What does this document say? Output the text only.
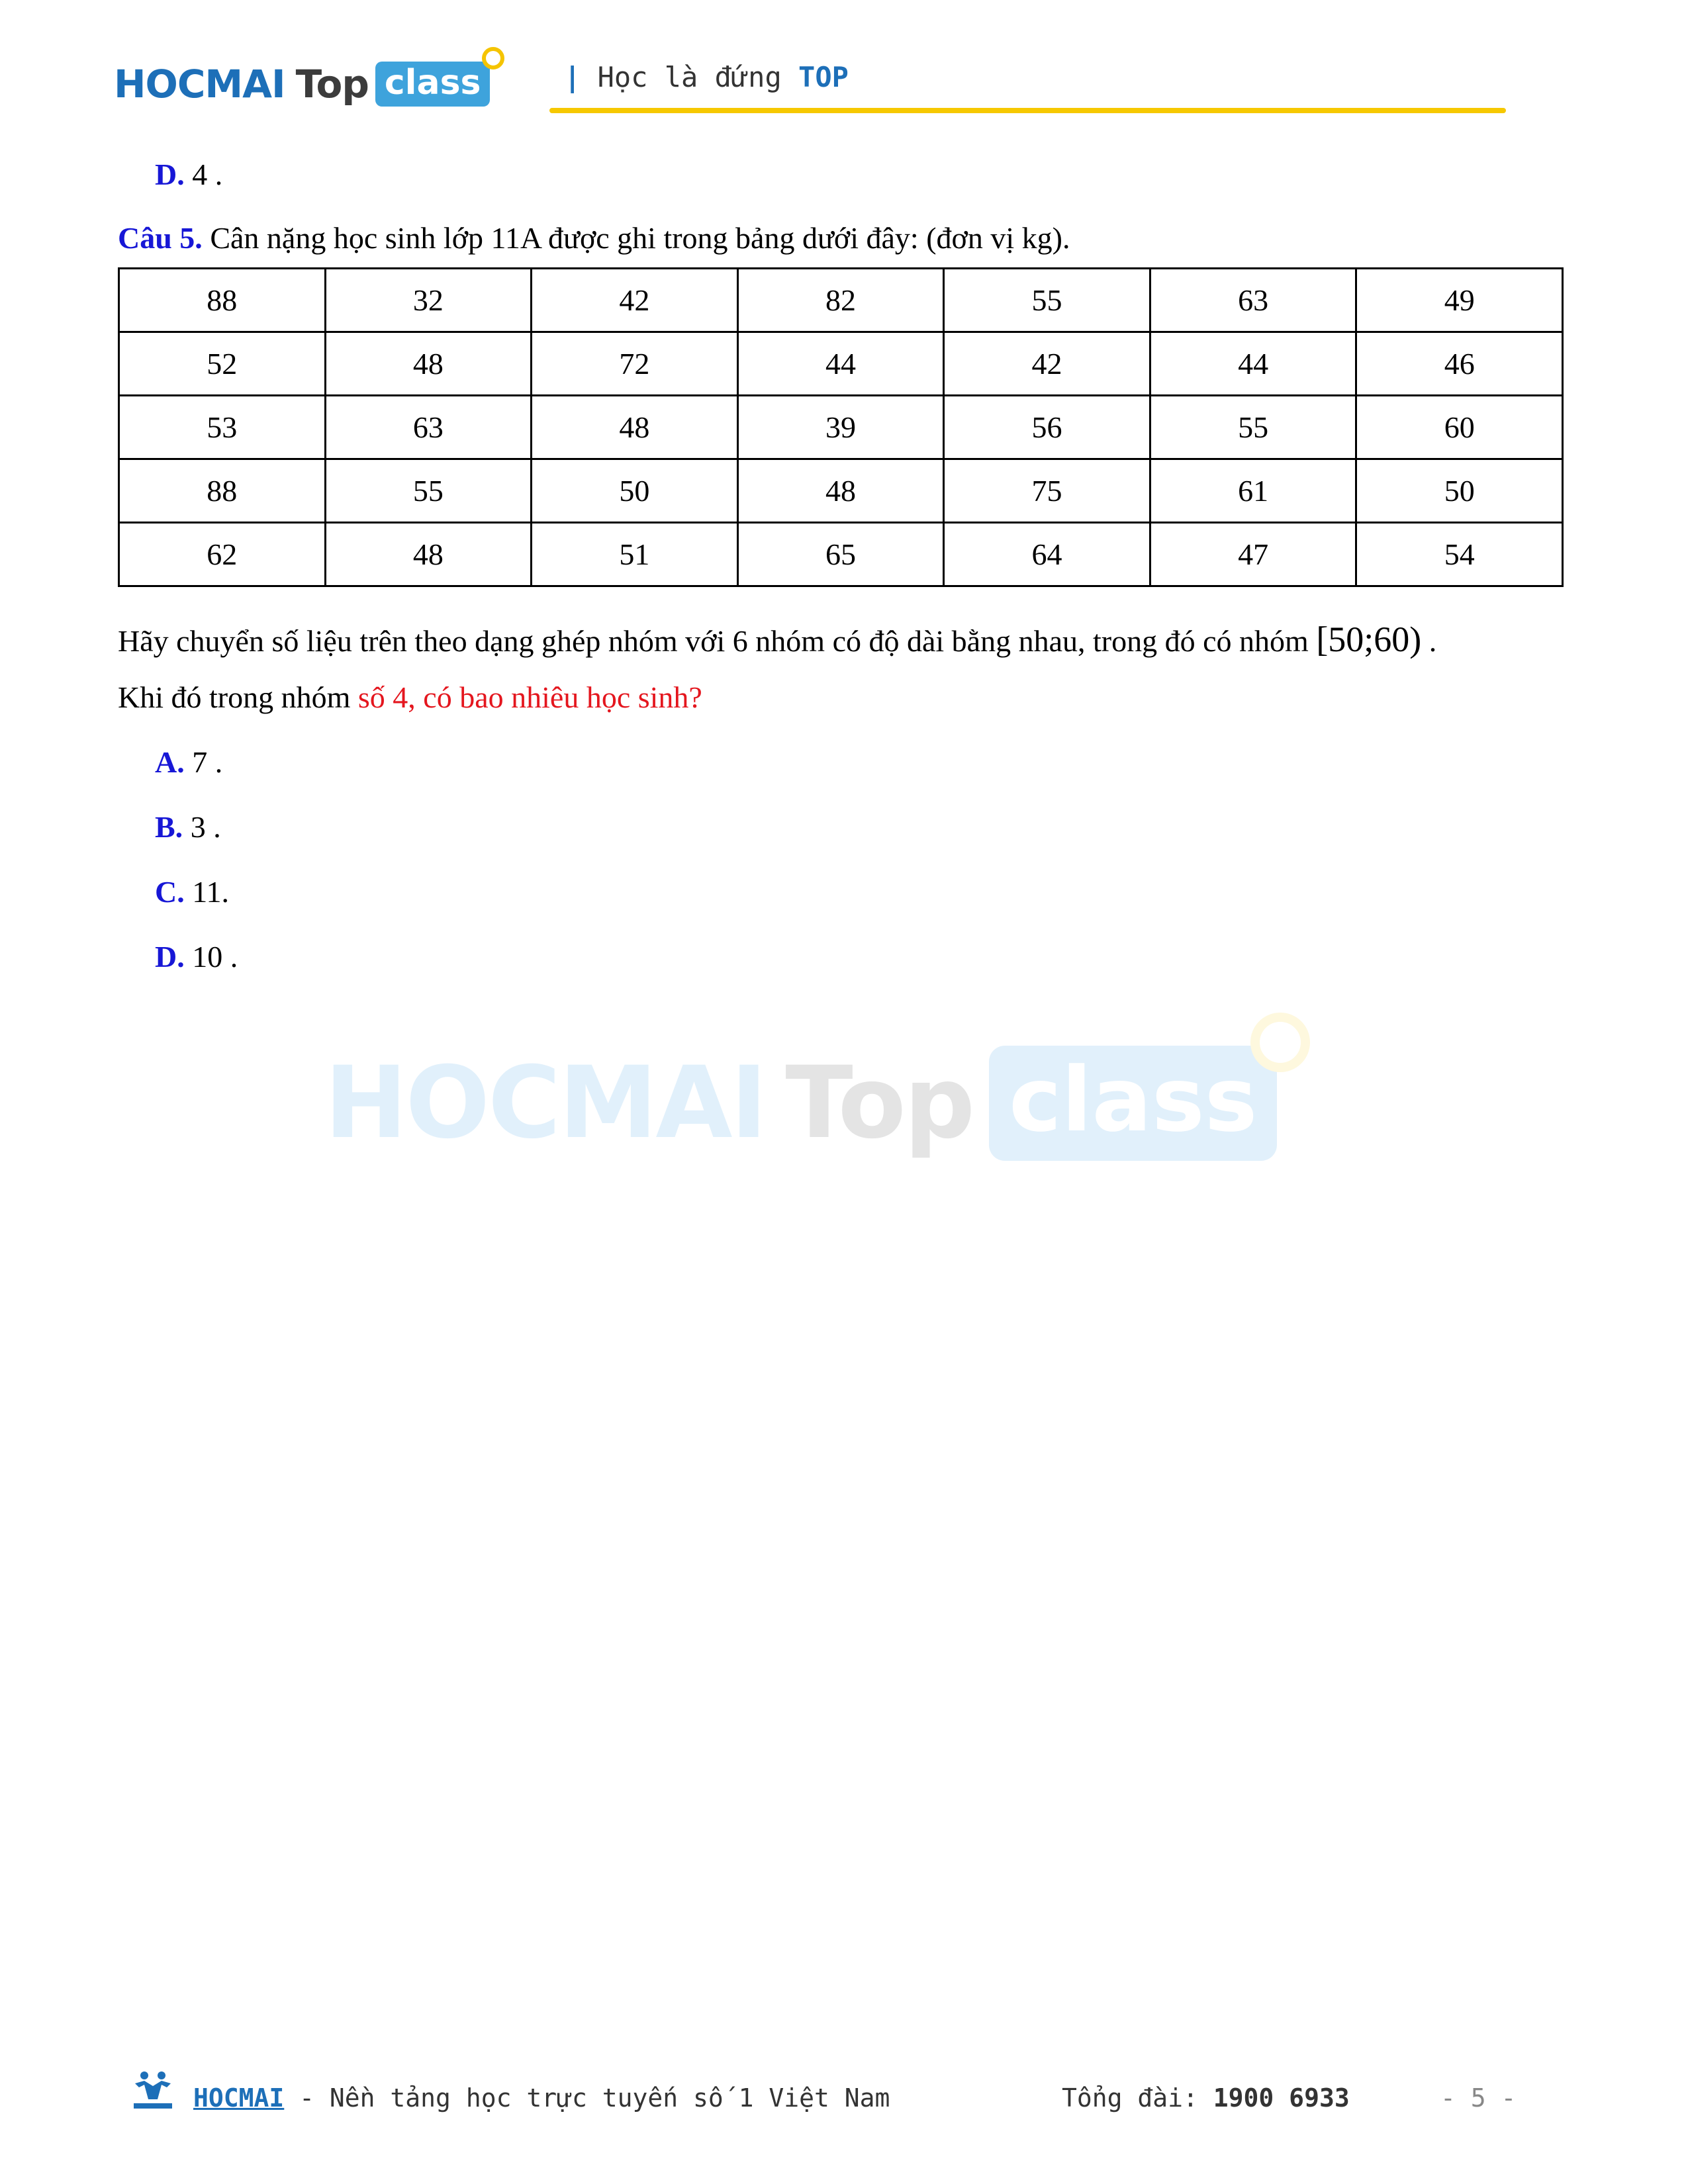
HOCMAI Top class	| Học là đứng TOP
D. 4 .
Câu 5. Cân nặng học sinh lớp 11A được ghi trong bảng dưới đây: (đơn vị kg).
88	32	42	82	55	63	49
52	48	72	44	42	44	46
53	63	48	39	56	55	60
88	55	50	48	75	61	50
62	48	51	65	64	47	54
Hãy chuyển số liệu trên theo dạng ghép nhóm với 6 nhóm có độ dài bằng nhau, trong đó có nhóm [50;60) .
Khi đó trong nhóm số 4, có bao nhiêu học sinh?
A. 7 .
B. 3 .
C. 11.
D. 10 .
HOCMAI Top class
HOCMAI - Nền tảng học trực tuyến số 1 Việt Nam	Tổng đài: 1900 6933	- 5 -
